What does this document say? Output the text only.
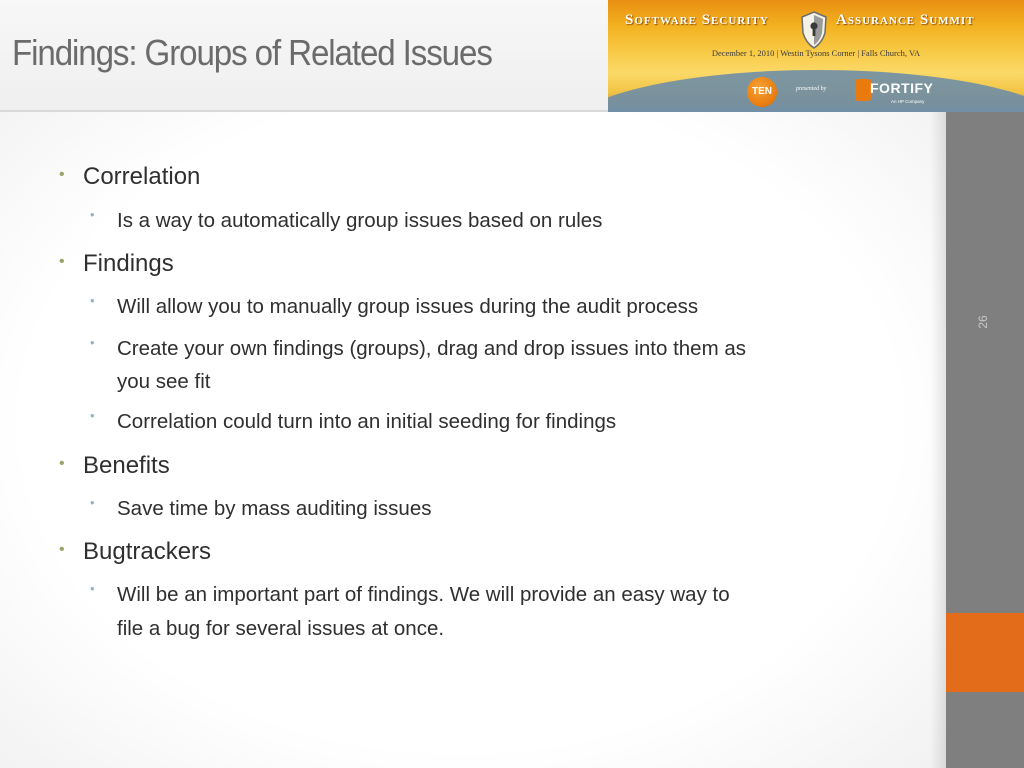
Findings: Groups of Related Issues
Software Security	Assurance Summit
December 1, 2010 | Westin Tysons Corner | Falls Church, VA
TEN	presented by	FORTIFY
An HP Company
26
• Correlation
• Is a way to automatically group issues based on rules
• Findings
• Will allow you to manually group issues during the audit process
• Create your own findings (groups), drag and drop issues into them as
you see fit
• Correlation could turn into an initial seeding for findings
• Benefits
• Save time by mass auditing issues
• Bugtrackers
• Will be an important part of findings. We will provide an easy way to
file a bug for several issues at once.
